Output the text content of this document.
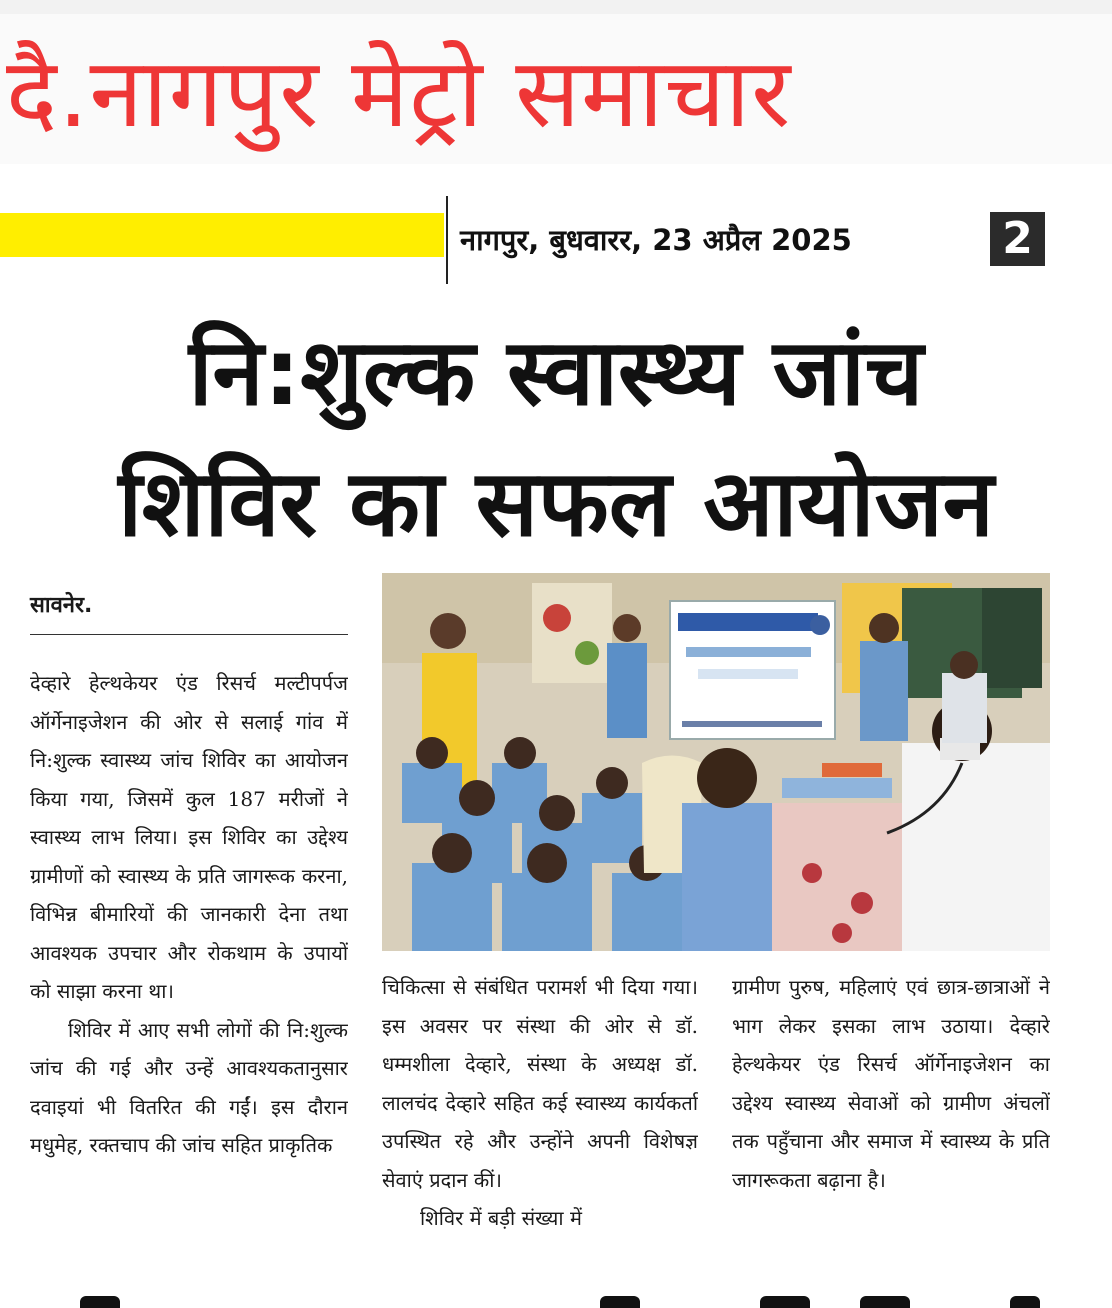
दै.नागपुर मेट्रो समाचार
नागपुर, बुधवारर, 23 अप्रैल 2025	2
नि:शुल्क स्वास्थ्य जांच
शिविर का सफल आयोजन
सावनेर.

देव्हारे हेल्थकेयर एंड रिसर्च मल्टीपर्पज ऑर्गेनाइजेशन की ओर से सलाई गांव में नि:शुल्क स्वास्थ्य जांच शिविर का आयोजन किया गया, जिसमें कुल 187 मरीजों ने स्वास्थ्य लाभ लिया। इस शिविर का उद्देश्य ग्रामीणों को स्वास्थ्य के प्रति जागरूक करना, विभिन्न बीमारियों की जानकारी देना तथा आवश्यक उपचार और रोकथाम के उपायों को साझा करना था।

शिविर में आए सभी लोगों की नि:शुल्क जांच की गई और उन्हें आवश्यकतानुसार दवाइयां भी वितरित की गईं। इस दौरान मधुमेह, रक्तचाप की जांच सहित प्राकृतिक

चिकित्सा से संबंधित परामर्श भी दिया गया। इस अवसर पर संस्था की ओर से डॉ. धम्मशीला देव्हारे, संस्था के अध्यक्ष डॉ. लालचंद देव्हारे सहित कई स्वास्थ्य कार्यकर्ता उपस्थित रहे और उन्होंने अपनी विशेषज्ञ सेवाएं प्रदान कीं।

शिविर में बड़ी संख्या में

ग्रामीण पुरुष, महिलाएं एवं छात्र-छात्राओं ने भाग लेकर इसका लाभ उठाया। देव्हारे हेल्थकेयर एंड रिसर्च ऑर्गेनाइजेशन का उद्देश्य स्वास्थ्य सेवाओं को ग्रामीण अंचलों तक पहुँचाना और समाज में स्वास्थ्य के प्रति जागरूकता बढ़ाना है।
